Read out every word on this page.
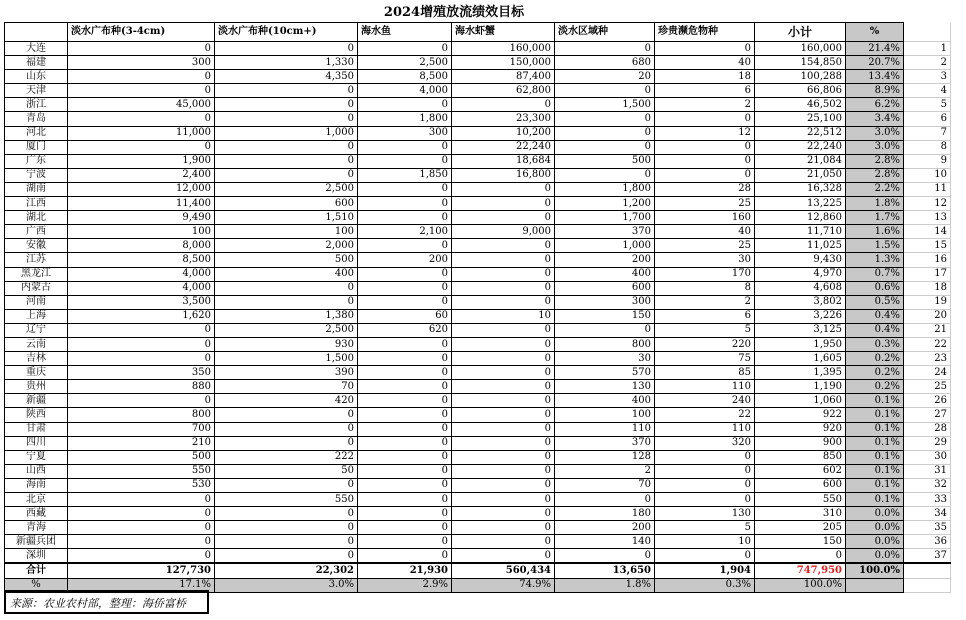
2024增殖放流绩效目标									
	淡水广布种(3-4cm)	淡水广布种(10cm+)	海水鱼	海水虾蟹	淡水区域种	珍贵濒危物种	小计	%	
大连	0	0	0	160,000	0	0	160,000	21.4%	1
福建	300	1,330	2,500	150,000	680	40	154,850	20.7%	2
山东	0	4,350	8,500	87,400	20	18	100,288	13.4%	3
天津	0	0	4,000	62,800	0	6	66,806	8.9%	4
浙江	45,000	0	0	0	1,500	2	46,502	6.2%	5
青岛	0	0	1,800	23,300	0	0	25,100	3.4%	6
河北	11,000	1,000	300	10,200	0	12	22,512	3.0%	7
厦门	0	0	0	22,240	0	0	22,240	3.0%	8
广东	1,900	0	0	18,684	500	0	21,084	2.8%	9
宁波	2,400	0	1,850	16,800	0	0	21,050	2.8%	10
湖南	12,000	2,500	0	0	1,800	28	16,328	2.2%	11
江西	11,400	600	0	0	1,200	25	13,225	1.8%	12
湖北	9,490	1,510	0	0	1,700	160	12,860	1.7%	13
广西	100	100	2,100	9,000	370	40	11,710	1.6%	14
安徽	8,000	2,000	0	0	1,000	25	11,025	1.5%	15
江苏	8,500	500	200	0	200	30	9,430	1.3%	16
黑龙江	4,000	400	0	0	400	170	4,970	0.7%	17
内蒙古	4,000	0	0	0	600	8	4,608	0.6%	18
河南	3,500	0	0	0	300	2	3,802	0.5%	19
上海	1,620	1,380	60	10	150	6	3,226	0.4%	20
辽宁	0	2,500	620	0	0	5	3,125	0.4%	21
云南	0	930	0	0	800	220	1,950	0.3%	22
吉林	0	1,500	0	0	30	75	1,605	0.2%	23
重庆	350	390	0	0	570	85	1,395	0.2%	24
贵州	880	70	0	0	130	110	1,190	0.2%	25
新疆	0	420	0	0	400	240	1,060	0.1%	26
陕西	800	0	0	0	100	22	922	0.1%	27
甘肃	700	0	0	0	110	110	920	0.1%	28
四川	210	0	0	0	370	320	900	0.1%	29
宁夏	500	222	0	0	128	0	850	0.1%	30
山西	550	50	0	0	2	0	602	0.1%	31
海南	530	0	0	0	70	0	600	0.1%	32
北京	0	550	0	0	0	0	550	0.1%	33
西藏	0	0	0	0	180	130	310	0.0%	34
青海	0	0	0	0	200	5	205	0.0%	35
新疆兵团	0	0	0	0	140	10	150	0.0%	36
深圳	0	0	0	0	0	0	0	0.0%	37
合计	127,730	22,302	21,930	560,434	13,650	1,904	747,950	100.0%	
%	17.1%	3.0%	2.9%	74.9%	1.8%	0.3%	100.0%		
来源：农业农村部，整理：海侨富桥
